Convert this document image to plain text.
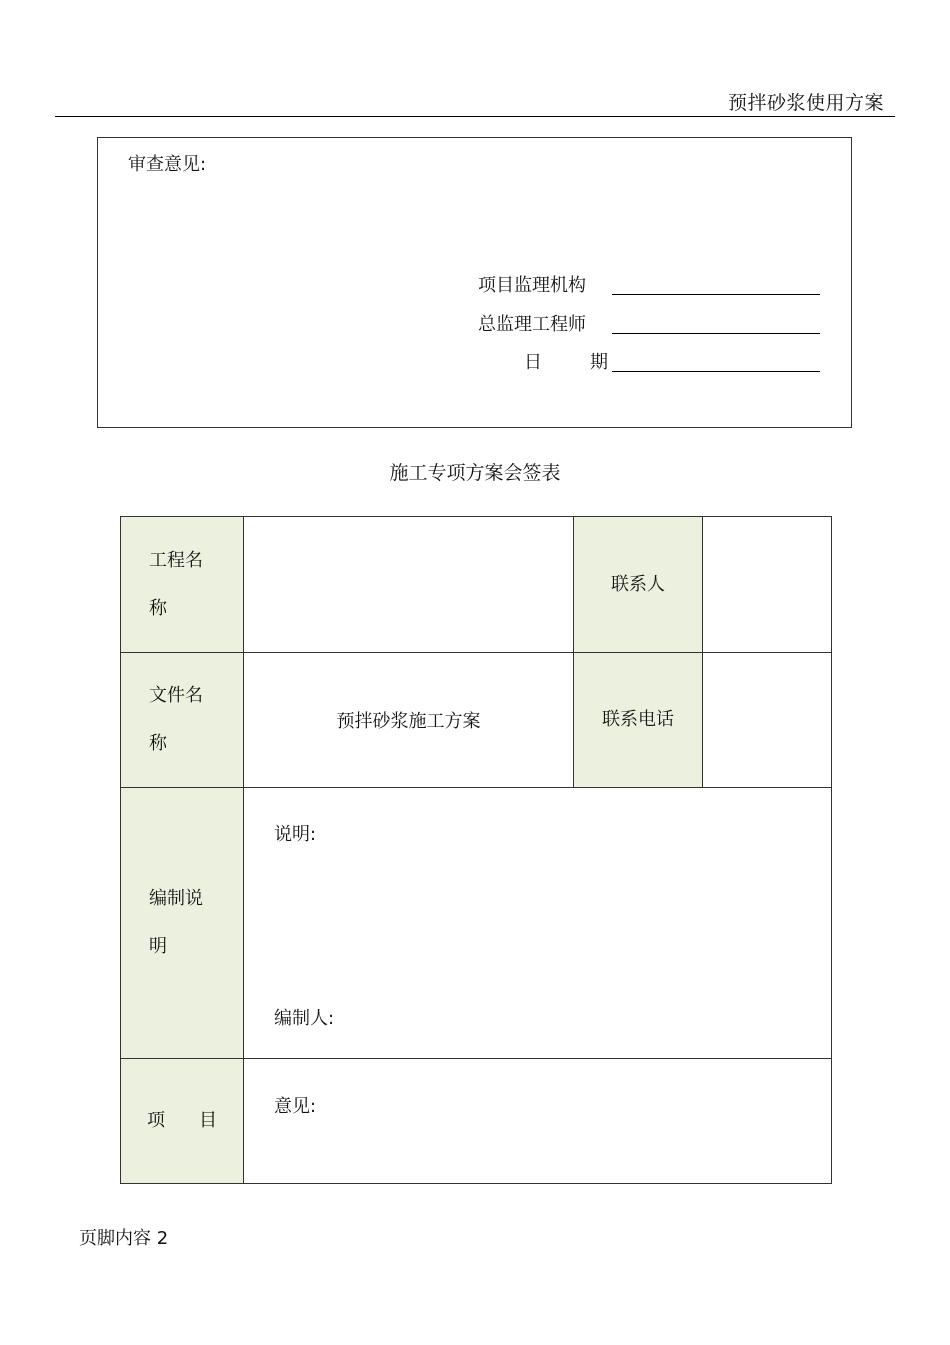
预拌砂浆使用方案
审查意见:
项目监理机构
总监理工程师
日	期
施工专项方案会签表
工程名称		联系人	
文件名称	预拌砂浆施工方案	联系电话	
编制说明	说明:
编制人:		

项 目	意见:		
页脚内容 2
